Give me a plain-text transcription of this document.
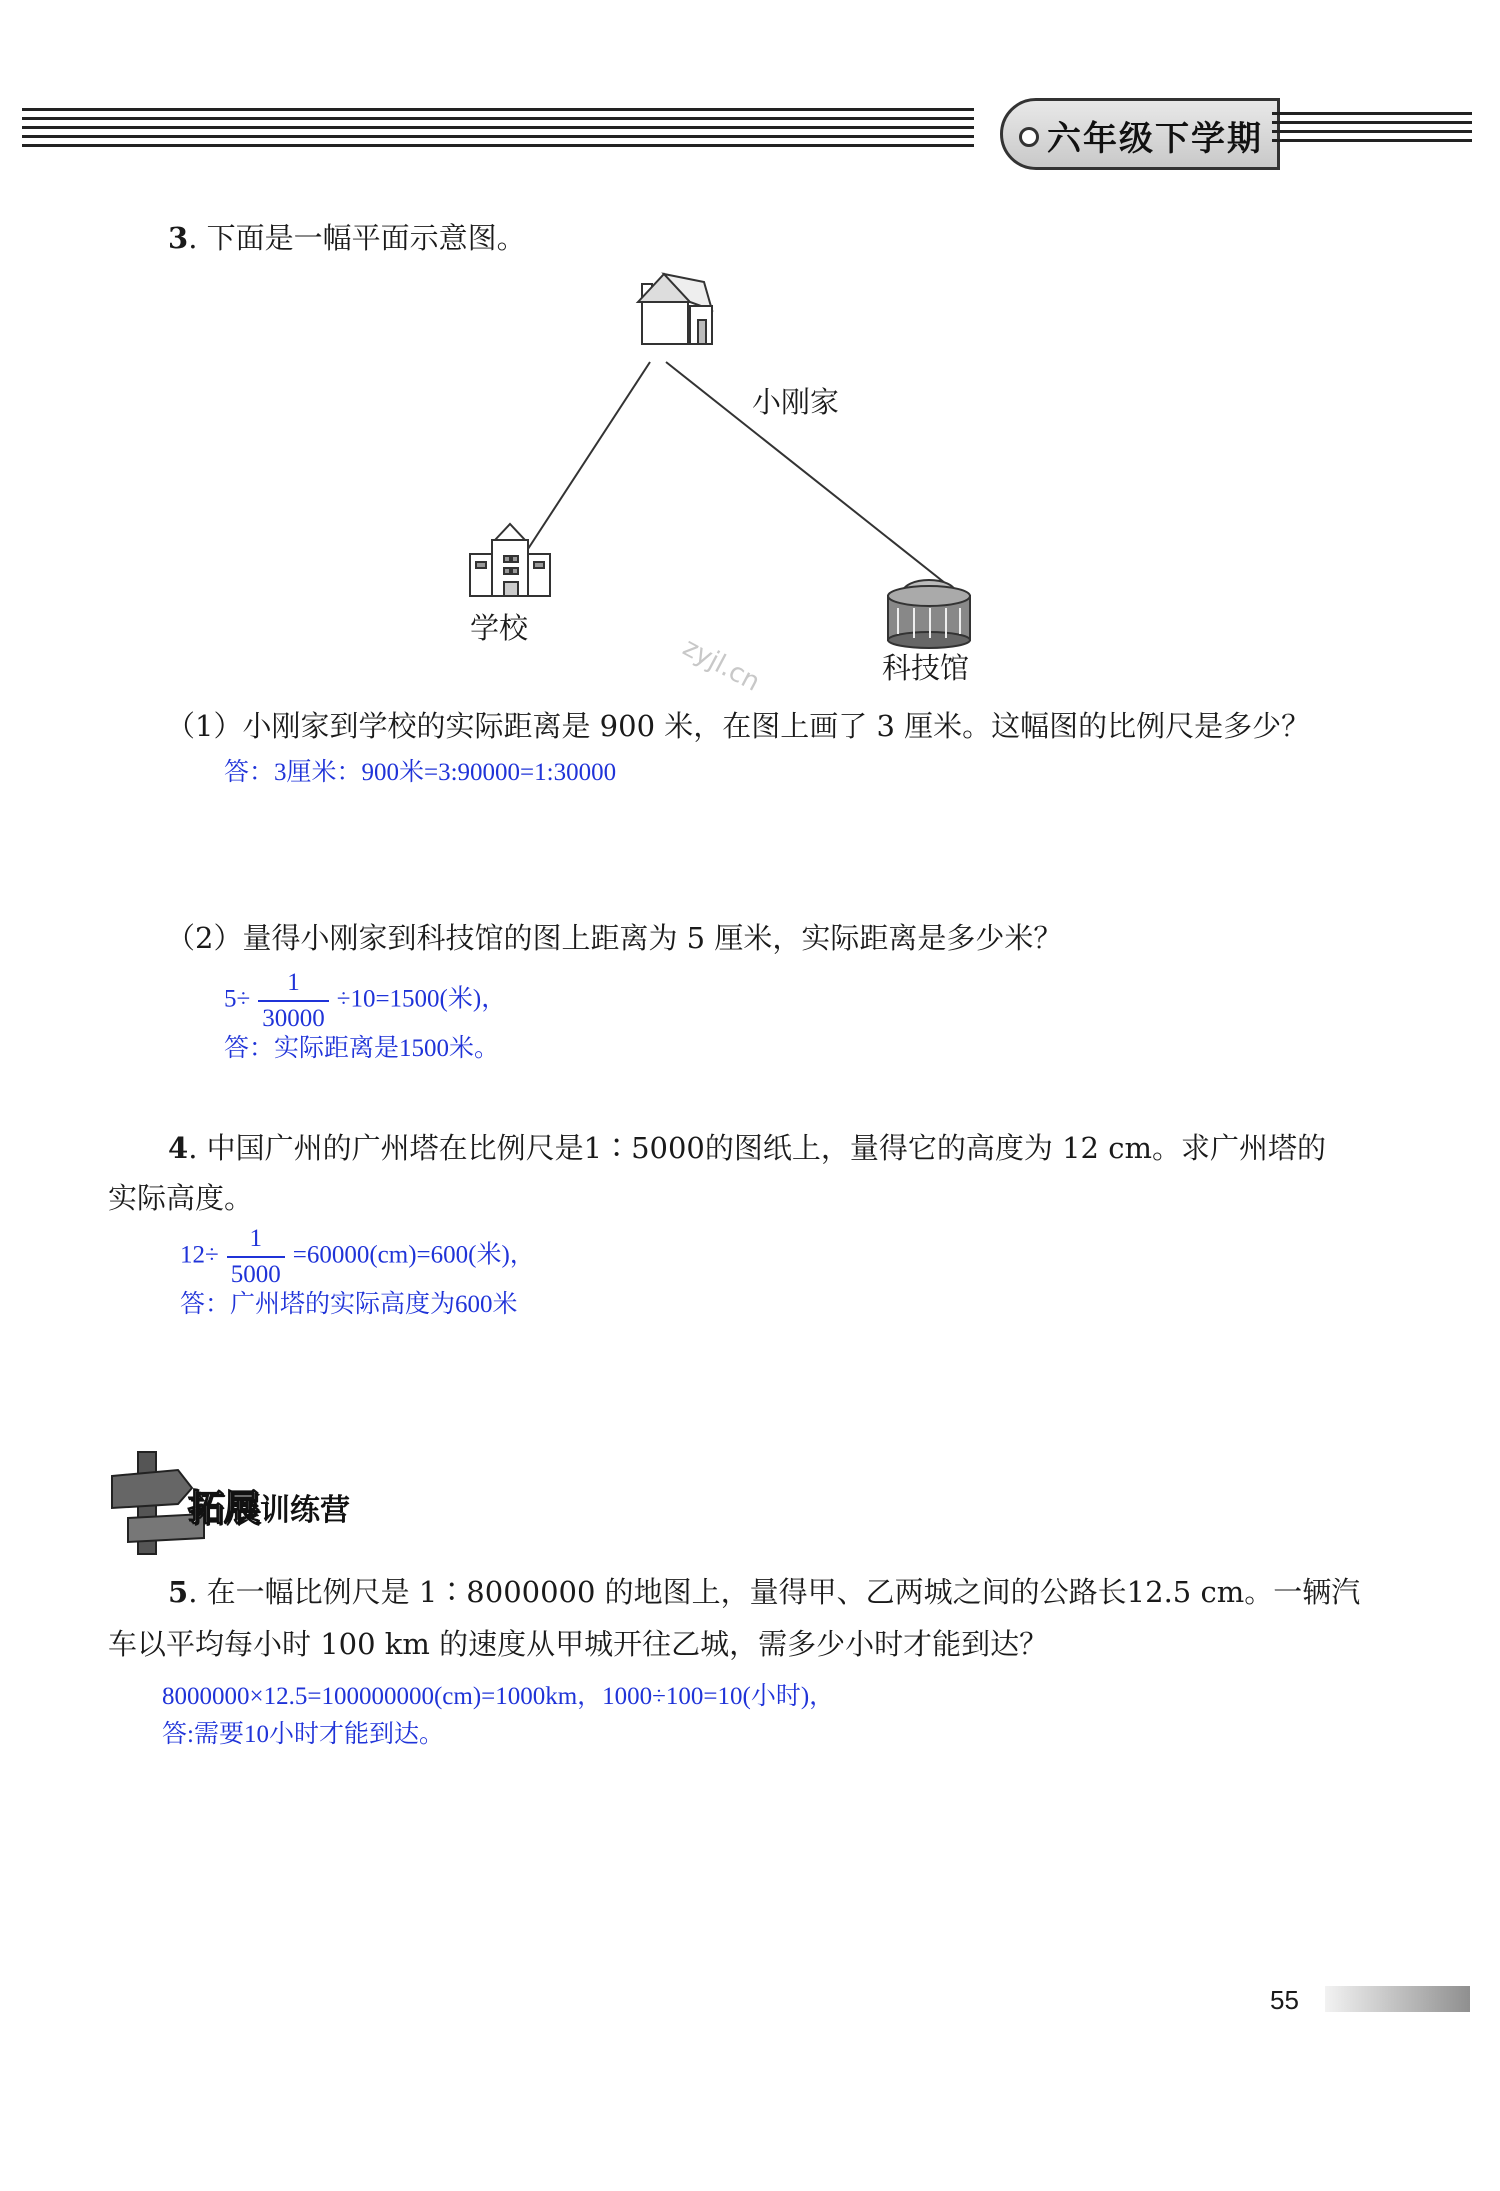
六年级下学期
3. 下面是一幅平面示意图。
小刚家
学校
科技馆
zyjl.cn
（1）小刚家到学校的实际距离是 900 米，在图上画了 3 厘米。这幅图的比例尺是多少？
答：3厘米：900米=3:90000=1:30000
（2）量得小刚家到科技馆的图上距离为 5 厘米，实际距离是多少米？
$5\div \frac{1}{30000} \div 10=1500$(米)，
答：实际距离是1500米。
4. 中国广州的广州塔在比例尺是1∶5000的图纸上，量得它的高度为 12 cm。求广州塔的
实际高度。
$12\div \frac{1}{5000} =60000(cm)=600$(米)，
答：广州塔的实际高度为600米
拓展训练营
5. 在一幅比例尺是 1∶8000000 的地图上，量得甲、乙两城之间的公路长12.5 cm。一辆汽
车以平均每小时 100 km 的速度从甲城开往乙城，需多少小时才能到达？
8000000×12.5=100000000(cm)=1000km，1000÷100=10(小时)，
答:需要10小时才能到达。
55
